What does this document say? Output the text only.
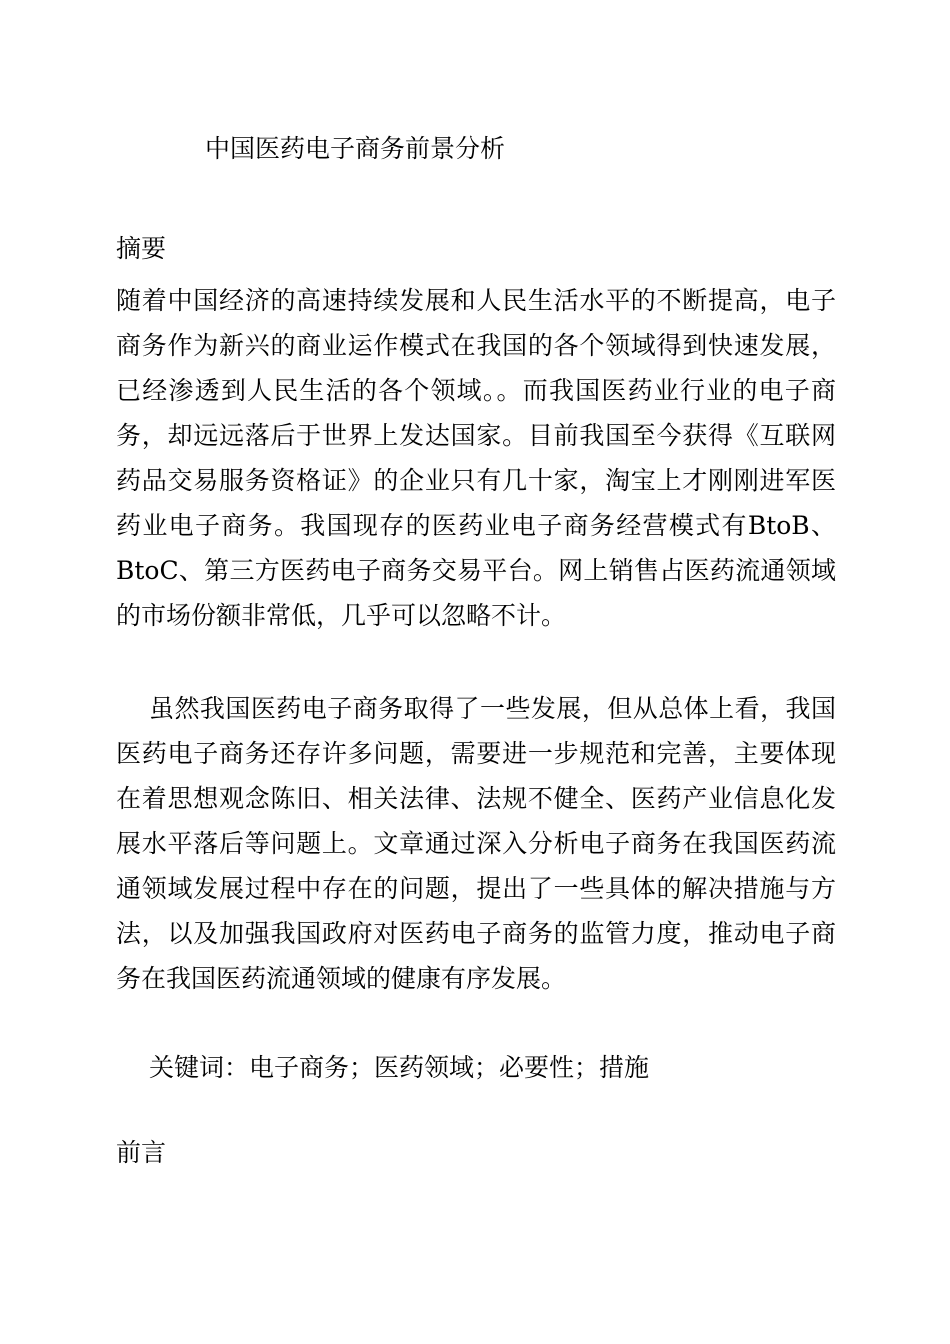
中国医药电子商务前景分析
摘要

随着中国经济的高速持续发展和人民生活水平的不断提高，电子商务作为新兴的商业运作模式在我国的各个领域得到快速发展，已经渗透到人民生活的各个领域。。而我国医药业行业的电子商务，却远远落后于世界上发达国家。目前我国至今获得《互联网药品交易服务资格证》的企业只有几十家，淘宝上才刚刚进军医药业电子商务。我国现存的医药业电子商务经营模式有BtoB、BtoC、第三方医药电子商务交易平台。网上销售占医药流通领域的市场份额非常低，几乎可以忽略不计。

虽然我国医药电子商务取得了一些发展，但从总体上看，我国医药电子商务还存许多问题，需要进一步规范和完善，主要体现在着思想观念陈旧、相关法律、法规不健全、医药产业信息化发展水平落后等问题上。文章通过深入分析电子商务在我国医药流通领域发展过程中存在的问题，提出了一些具体的解决措施与方法，以及加强我国政府对医药电子商务的监管力度，推动电子商务在我国医药流通领域的健康有序发展。

关键词：电子商务；医药领域；必要性；措施
前言
